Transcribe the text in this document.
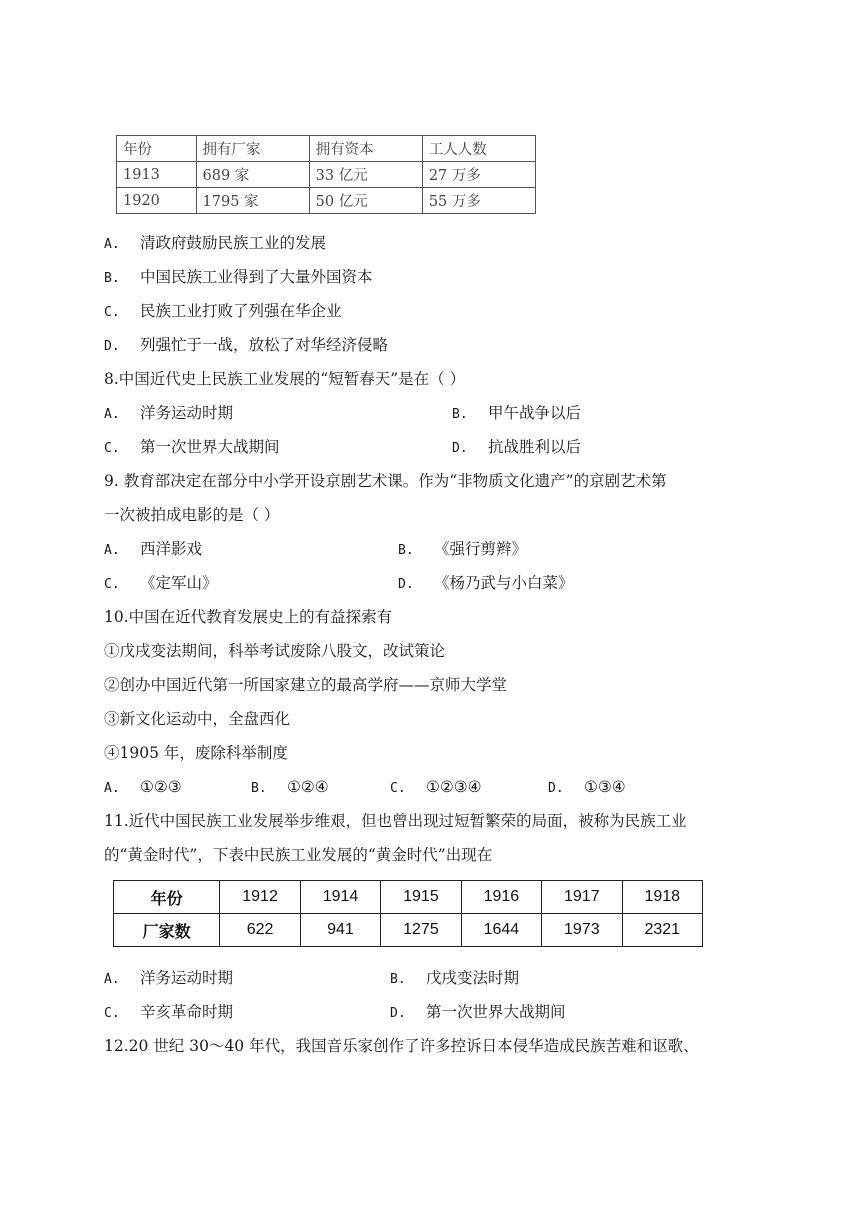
年份	拥有厂家	拥有资本	工人人数
1913	689 家	33 亿元	27 万多
1920	1795 家	50 亿元	55 万多
A. 清政府鼓励民族工业的发展
B. 中国民族工业得到了大量外国资本
C. 民族工业打败了列强在华企业
D. 列强忙于一战，放松了对华经济侵略
8.中国近代史上民族工业发展的“短暂春天”是在（ ）
A. 洋务运动时期	B. 甲午战争以后
C. 第一次世界大战期间	D. 抗战胜利以后
9. 教育部决定在部分中小学开设京剧艺术课。作为“非物质文化遗产”的京剧艺术第
一次被拍成电影的是（ ）
A. 西洋影戏	B. 《强行剪辫》
C. 《定军山》	D. 《杨乃武与小白菜》
10.中国在近代教育发展史上的有益探索有
①戊戌变法期间，科举考试废除八股文，改试策论
②创办中国近代第一所国家建立的最高学府——京师大学堂
③新文化运动中，全盘西化
④1905 年，废除科举制度
A. ①②③	B. ①②④	C. ①②③④	D. ①③④
11.近代中国民族工业发展举步维艰，但也曾出现过短暂繁荣的局面，被称为民族工业
的“黄金时代”，下表中民族工业发展的“黄金时代”出现在
年份	1912	1914	1915	1916	1917	1918
厂家数	622	941	1275	1644	1973	2321
A. 洋务运动时期	B. 戊戌变法时期
C. 辛亥革命时期	D. 第一次世界大战期间
12.20 世纪 30～40 年代，我国音乐家创作了许多控诉日本侵华造成民族苦难和讴歌、
